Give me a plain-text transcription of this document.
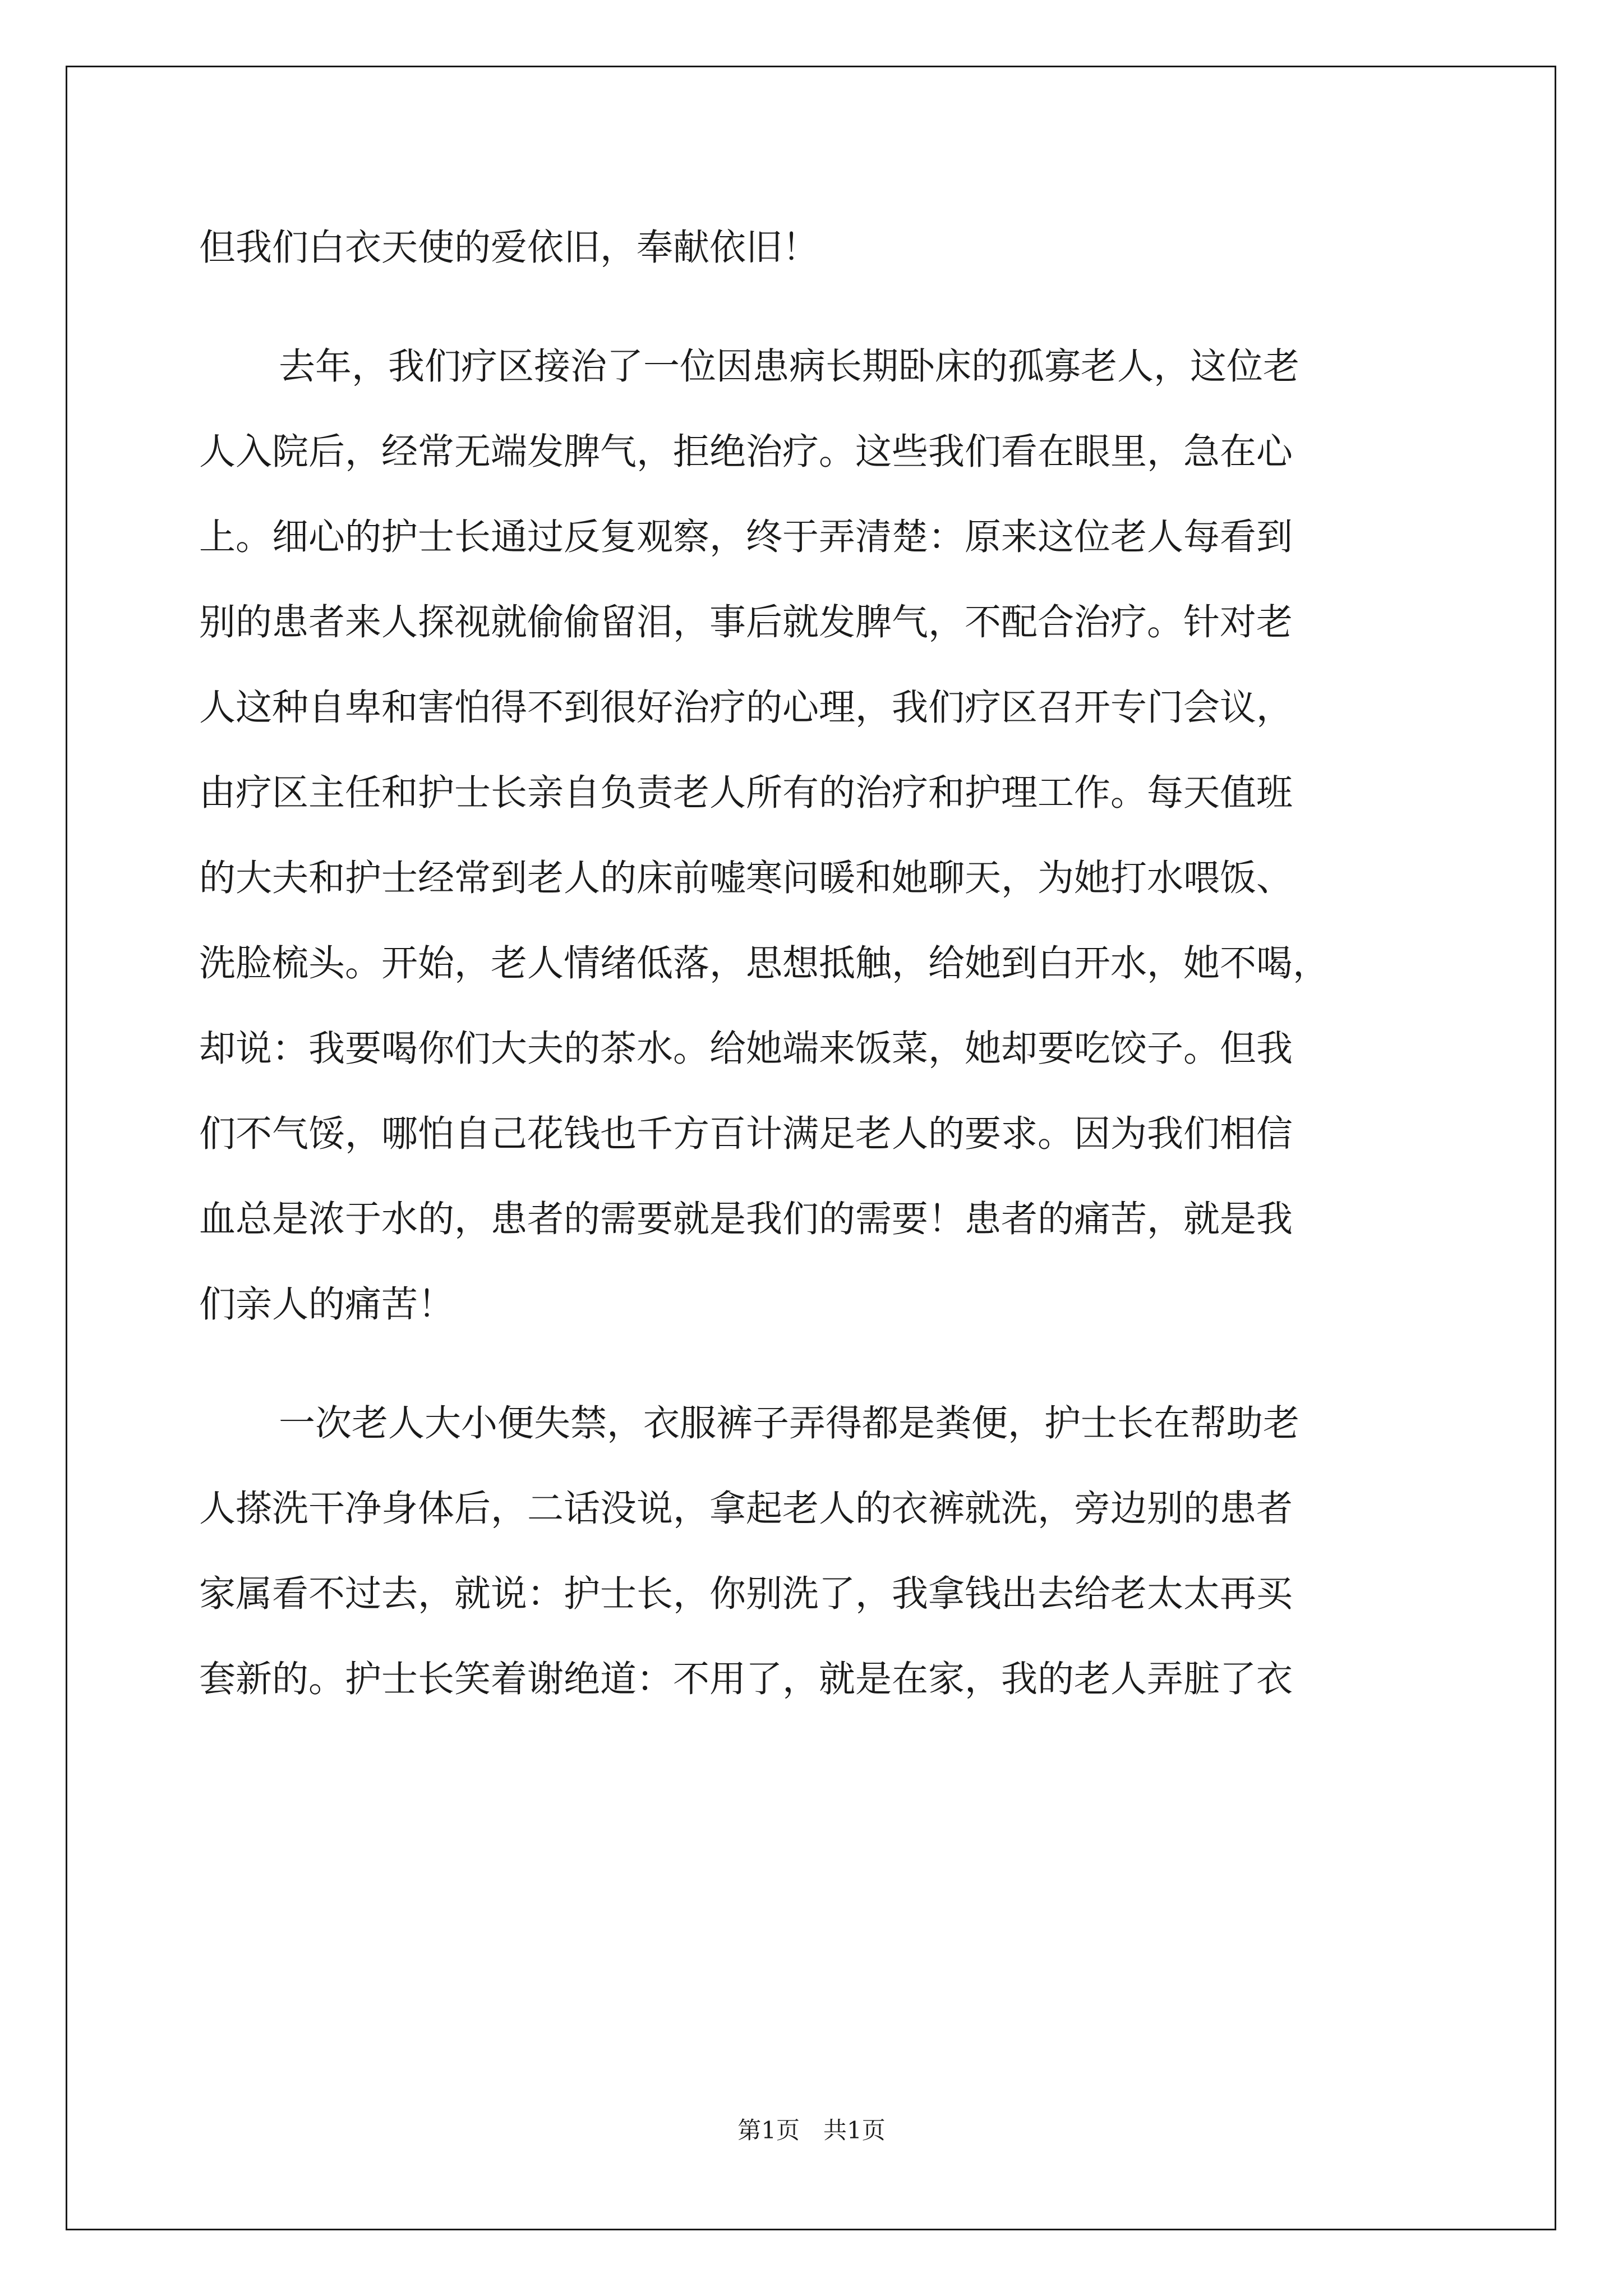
但我们白衣天使的爱依旧，奉献依旧！
去年，我们疗区接治了一位因患病长期卧床的孤寡老人，这位老
人入院后，经常无端发脾气，拒绝治疗。这些我们看在眼里，急在心
上。细心的护士长通过反复观察，终于弄清楚：原来这位老人每看到
别的患者来人探视就偷偷留泪，事后就发脾气，不配合治疗。针对老
人这种自卑和害怕得不到很好治疗的心理，我们疗区召开专门会议，
由疗区主任和护士长亲自负责老人所有的治疗和护理工作。每天值班
的大夫和护士经常到老人的床前嘘寒问暖和她聊天，为她打水喂饭、
洗脸梳头。开始，老人情绪低落，思想抵触，给她到白开水，她不喝，
却说：我要喝你们大夫的茶水。给她端来饭菜，她却要吃饺子。但我
们不气馁，哪怕自己花钱也千方百计满足老人的要求。因为我们相信
血总是浓于水的，患者的需要就是我们的需要！患者的痛苦，就是我
们亲人的痛苦！
一次老人大小便失禁，衣服裤子弄得都是粪便，护士长在帮助老
人搽洗干净身体后，二话没说，拿起老人的衣裤就洗，旁边别的患者
家属看不过去，就说：护士长，你别洗了，我拿钱出去给老太太再买
套新的。护士长笑着谢绝道：不用了，就是在家，我的老人弄脏了衣
第1页 共1页
